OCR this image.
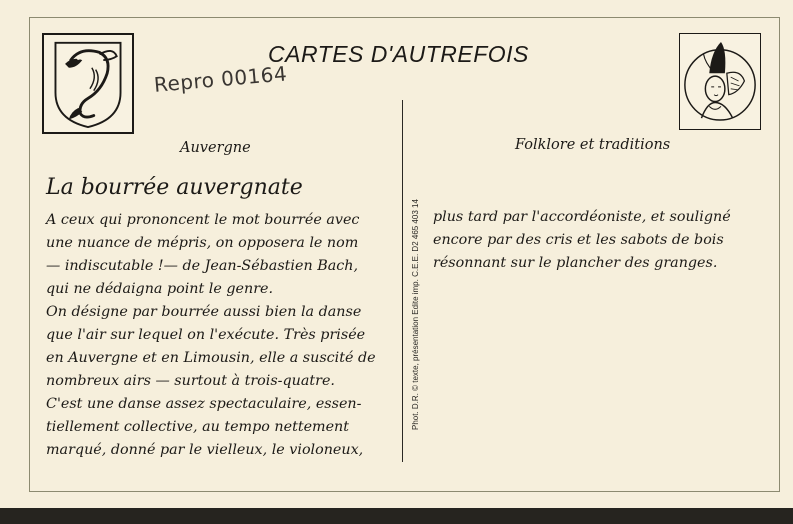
CARTES D'AUTREFOIS
Repro 00164
Auvergne	Folklore et traditions
La bourrée auvergnate
A ceux qui prononcent le mot bourrée avec
une nuance de mépris, on opposera le nom
— indiscutable !— de Jean-Sébastien Bach,
qui ne dédaigna point le genre.
On désigne par bourrée aussi bien la danse
que l'air sur lequel on l'exécute. Très prisée
en Auvergne et en Limousin, elle a suscité de
nombreux airs — surtout à trois-quatre.
C'est une danse assez spectaculaire, essen-
tiellement collective, au tempo nettement
marqué, donné par le vielleux, le violoneux,
Phot. D.R. © texte, présentation Edite imp. C.E.E. D2 465 403 14 plus tard par l'accordéoniste, et souligné
encore par des cris et les sabots de bois
résonnant sur le plancher des granges.
